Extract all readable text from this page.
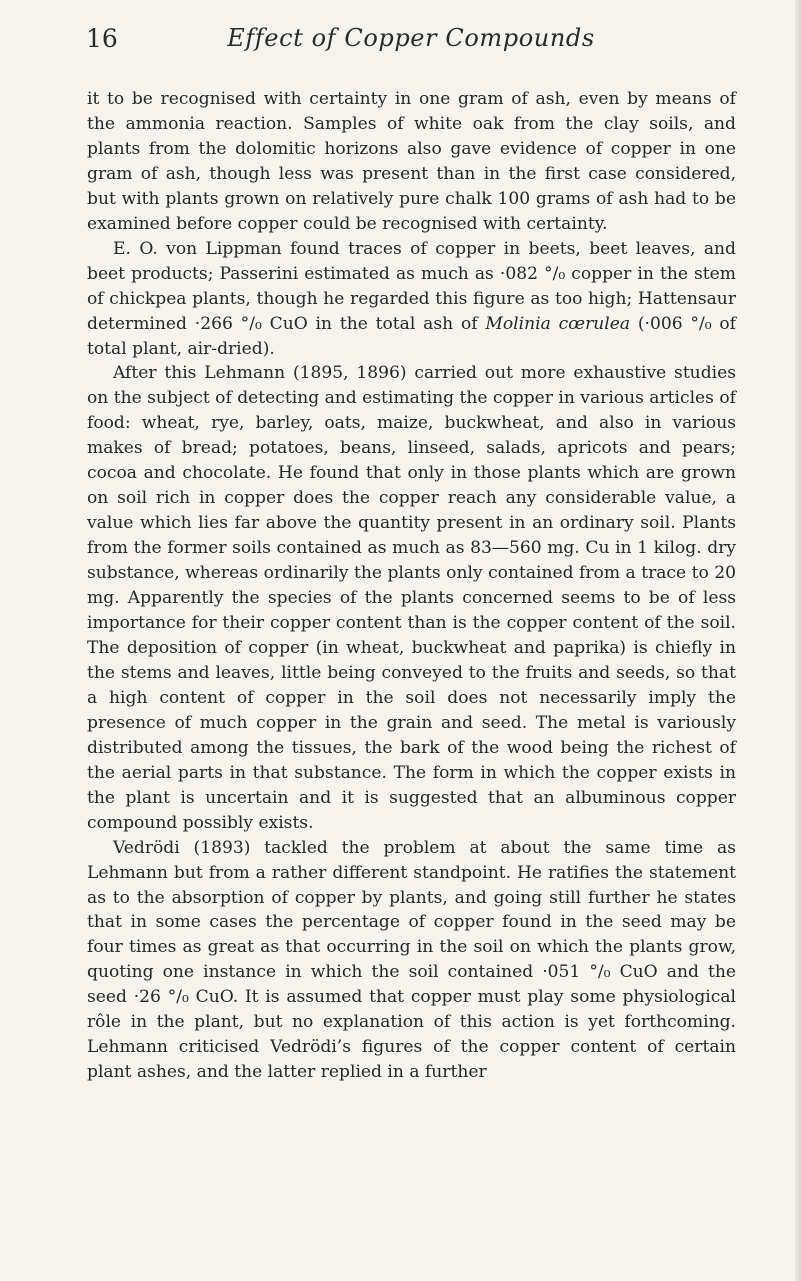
16	Effect of Copper Compounds

it to be recognised with certainty in one gram of ash, even by means of the ammonia reaction. Samples of white oak from the clay soils, and plants from the dolomitic horizons also gave evidence of copper in one gram of ash, though less was present than in the first case considered, but with plants grown on relatively pure chalk 100 grams of ash had to be examined before copper could be recognised with certainty.

E. O. von Lippman found traces of copper in beets, beet leaves, and beet products; Passerini estimated as much as ·082 °/₀ copper in the stem of chickpea plants, though he regarded this figure as too high; Hattensaur determined ·266 °/₀ CuO in the total ash of Molinia cœrulea (·006 °/₀ of total plant, air-dried).

After this Lehmann (1895, 1896) carried out more exhaustive studies on the subject of detecting and estimating the copper in various articles of food: wheat, rye, barley, oats, maize, buckwheat, and also in various makes of bread; potatoes, beans, linseed, salads, apricots and pears; cocoa and chocolate. He found that only in those plants which are grown on soil rich in copper does the copper reach any considerable value, a value which lies far above the quantity present in an ordinary soil. Plants from the former soils contained as much as 83—560 mg. Cu in 1 kilog. dry substance, whereas ordinarily the plants only contained from a trace to 20 mg. Apparently the species of the plants concerned seems to be of less importance for their copper content than is the copper content of the soil. The deposition of copper (in wheat, buckwheat and paprika) is chiefly in the stems and leaves, little being conveyed to the fruits and seeds, so that a high content of copper in the soil does not necessarily imply the presence of much copper in the grain and seed. The metal is variously distributed among the tissues, the bark of the wood being the richest of the aerial parts in that substance. The form in which the copper exists in the plant is uncertain and it is suggested that an albuminous copper compound possibly exists.

Vedrödi (1893) tackled the problem at about the same time as Lehmann but from a rather different standpoint. He ratifies the statement as to the absorption of copper by plants, and going still further he states that in some cases the percentage of copper found in the seed may be four times as great as that occurring in the soil on which the plants grow, quoting one instance in which the soil contained ·051 °/₀ CuO and the seed ·26 °/₀ CuO. It is assumed that copper must play some physiological rôle in the plant, but no explanation of this action is yet forthcoming. Lehmann criticised Vedrödi’s figures of the copper content of certain plant ashes, and the latter replied in a further
